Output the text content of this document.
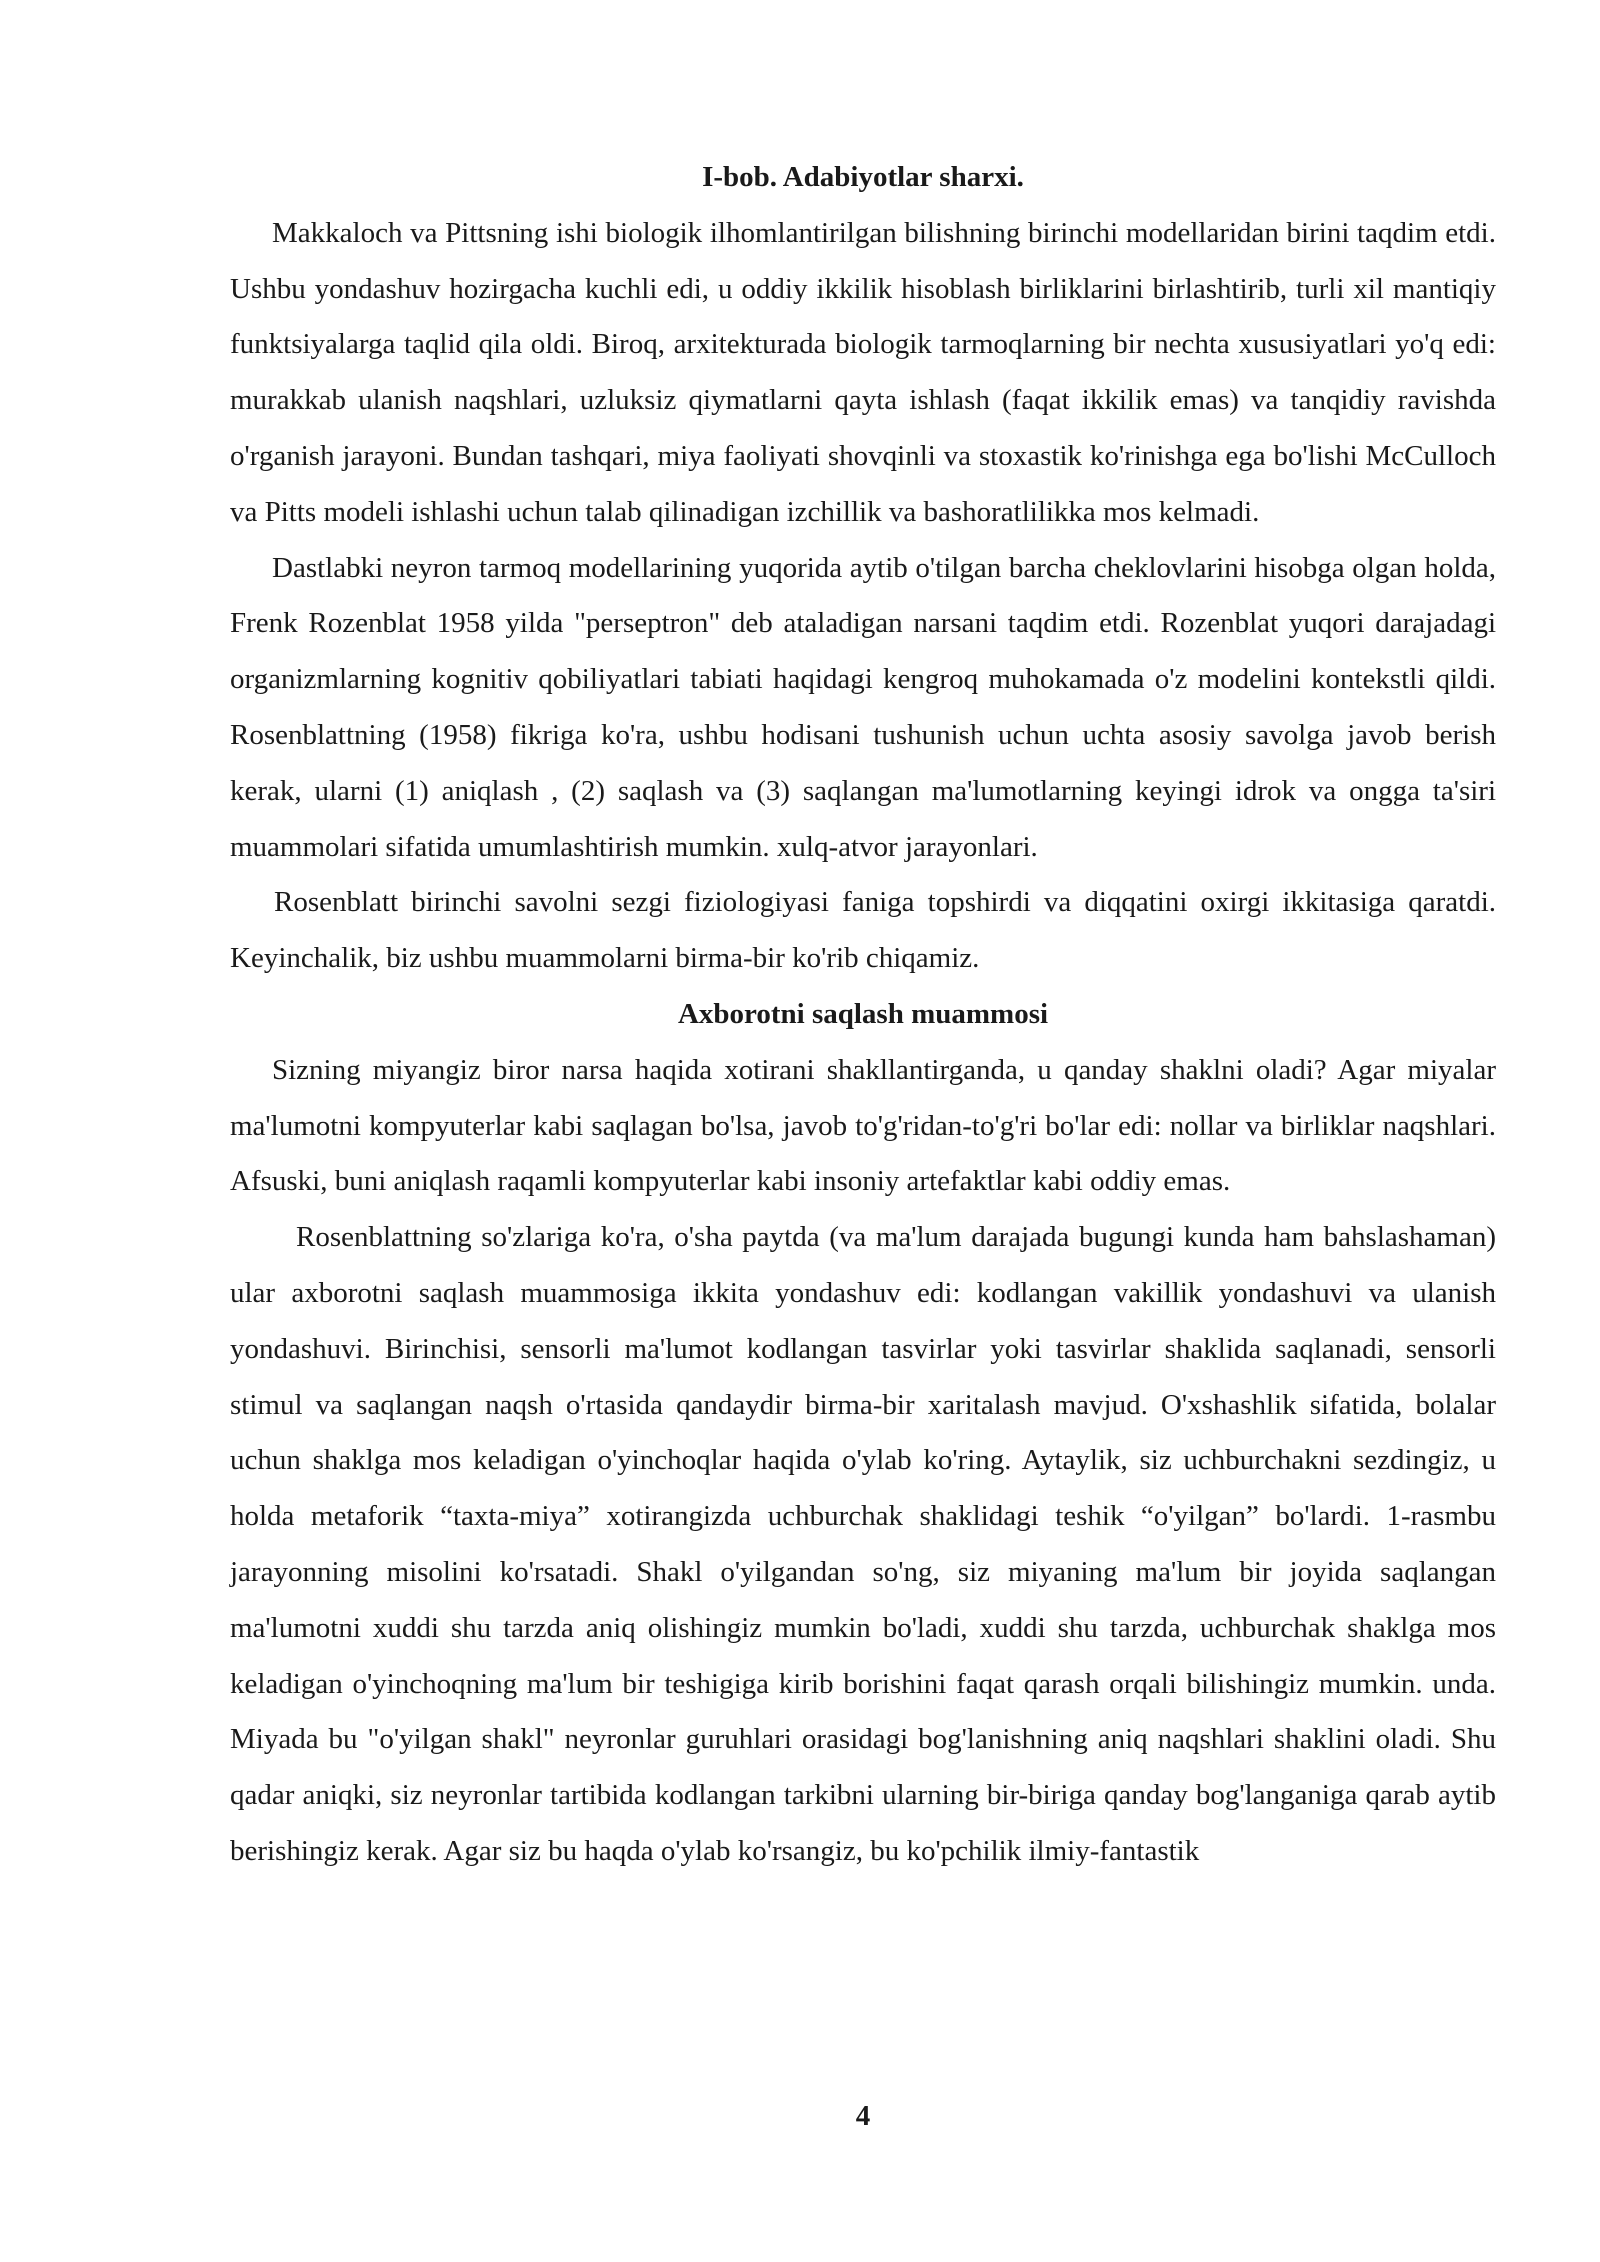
I-bob. Adabiyotlar sharxi.

Makkaloch va Pittsning ishi biologik ilhomlantirilgan bilishning birinchi modellaridan birini taqdim etdi. Ushbu yondashuv hozirgacha kuchli edi, u oddiy ikkilik hisoblash birliklarini birlashtirib, turli xil mantiqiy funktsiyalarga taqlid qila oldi. Biroq, arxitekturada biologik tarmoqlarning bir nechta xususiyatlari yo'q edi: murakkab ulanish naqshlari, uzluksiz qiymatlarni qayta ishlash (faqat ikkilik emas) va tanqidiy ravishda o'rganish jarayoni. Bundan tashqari, miya faoliyati shovqinli va stoxastik ko'rinishga ega bo'lishi McCulloch va Pitts modeli ishlashi uchun talab qilinadigan izchillik va bashoratlilikka mos kelmadi.

Dastlabki neyron tarmoq modellarining yuqorida aytib o'tilgan barcha cheklovlarini hisobga olgan holda, Frenk Rozenblat 1958 yilda "perseptron" deb ataladigan narsani taqdim etdi. Rozenblat yuqori darajadagi organizmlarning kognitiv qobiliyatlari tabiati haqidagi kengroq muhokamada o'z modelini kontekstli qildi. Rosenblattning (1958) fikriga ko'ra, ushbu hodisani tushunish uchun uchta asosiy savolga javob berish kerak, ularni (1) aniqlash , (2) saqlash va (3) saqlangan ma'lumotlarning keyingi idrok va ongga ta'siri muammolari sifatida umumlashtirish mumkin. xulq-atvor jarayonlari.

Rosenblatt birinchi savolni sezgi fiziologiyasi faniga topshirdi va diqqatini oxirgi ikkitasiga qaratdi. Keyinchalik, biz ushbu muammolarni birma-bir ko'rib chiqamiz.

Axborotni saqlash muammosi

Sizning miyangiz biror narsa haqida xotirani shakllantirganda, u qanday shaklni oladi? Agar miyalar ma'lumotni kompyuterlar kabi saqlagan bo'lsa, javob to'g'ridan-to'g'ri bo'lar edi: nollar va birliklar naqshlari. Afsuski, buni aniqlash raqamli kompyuterlar kabi insoniy artefaktlar kabi oddiy emas.

Rosenblattning so'zlariga ko'ra, o'sha paytda (va ma'lum darajada bugungi kunda ham bahslashaman) ular axborotni saqlash muammosiga ikkita yondashuv edi: kodlangan vakillik yondashuvi va ulanish yondashuvi. Birinchisi, sensorli ma'lumot kodlangan tasvirlar yoki tasvirlar shaklida saqlanadi, sensorli stimul va saqlangan naqsh o'rtasida qandaydir birma-bir xaritalash mavjud. O'xshashlik sifatida, bolalar uchun shaklga mos keladigan o'yinchoqlar haqida o'ylab ko'ring. Aytaylik, siz uchburchakni sezdingiz, u holda metaforik “taxta-miya” xotirangizda uchburchak shaklidagi teshik “o'yilgan” bo'lardi. 1-rasmbu jarayonning misolini ko'rsatadi. Shakl o'yilgandan so'ng, siz miyaning ma'lum bir joyida saqlangan ma'lumotni xuddi shu tarzda aniq olishingiz mumkin bo'ladi, xuddi shu tarzda, uchburchak shaklga mos keladigan o'yinchoqning ma'lum bir teshigiga kirib borishini faqat qarash orqali bilishingiz mumkin. unda. Miyada bu "o'yilgan shakl" neyronlar guruhlari orasidagi bog'lanishning aniq naqshlari shaklini oladi. Shu qadar aniqki, siz neyronlar tartibida kodlangan tarkibni ularning bir-biriga qanday bog'langaniga qarab aytib berishingiz kerak. Agar siz bu haqda o'ylab ko'rsangiz, bu ko'pchilik ilmiy-fantastik

4
